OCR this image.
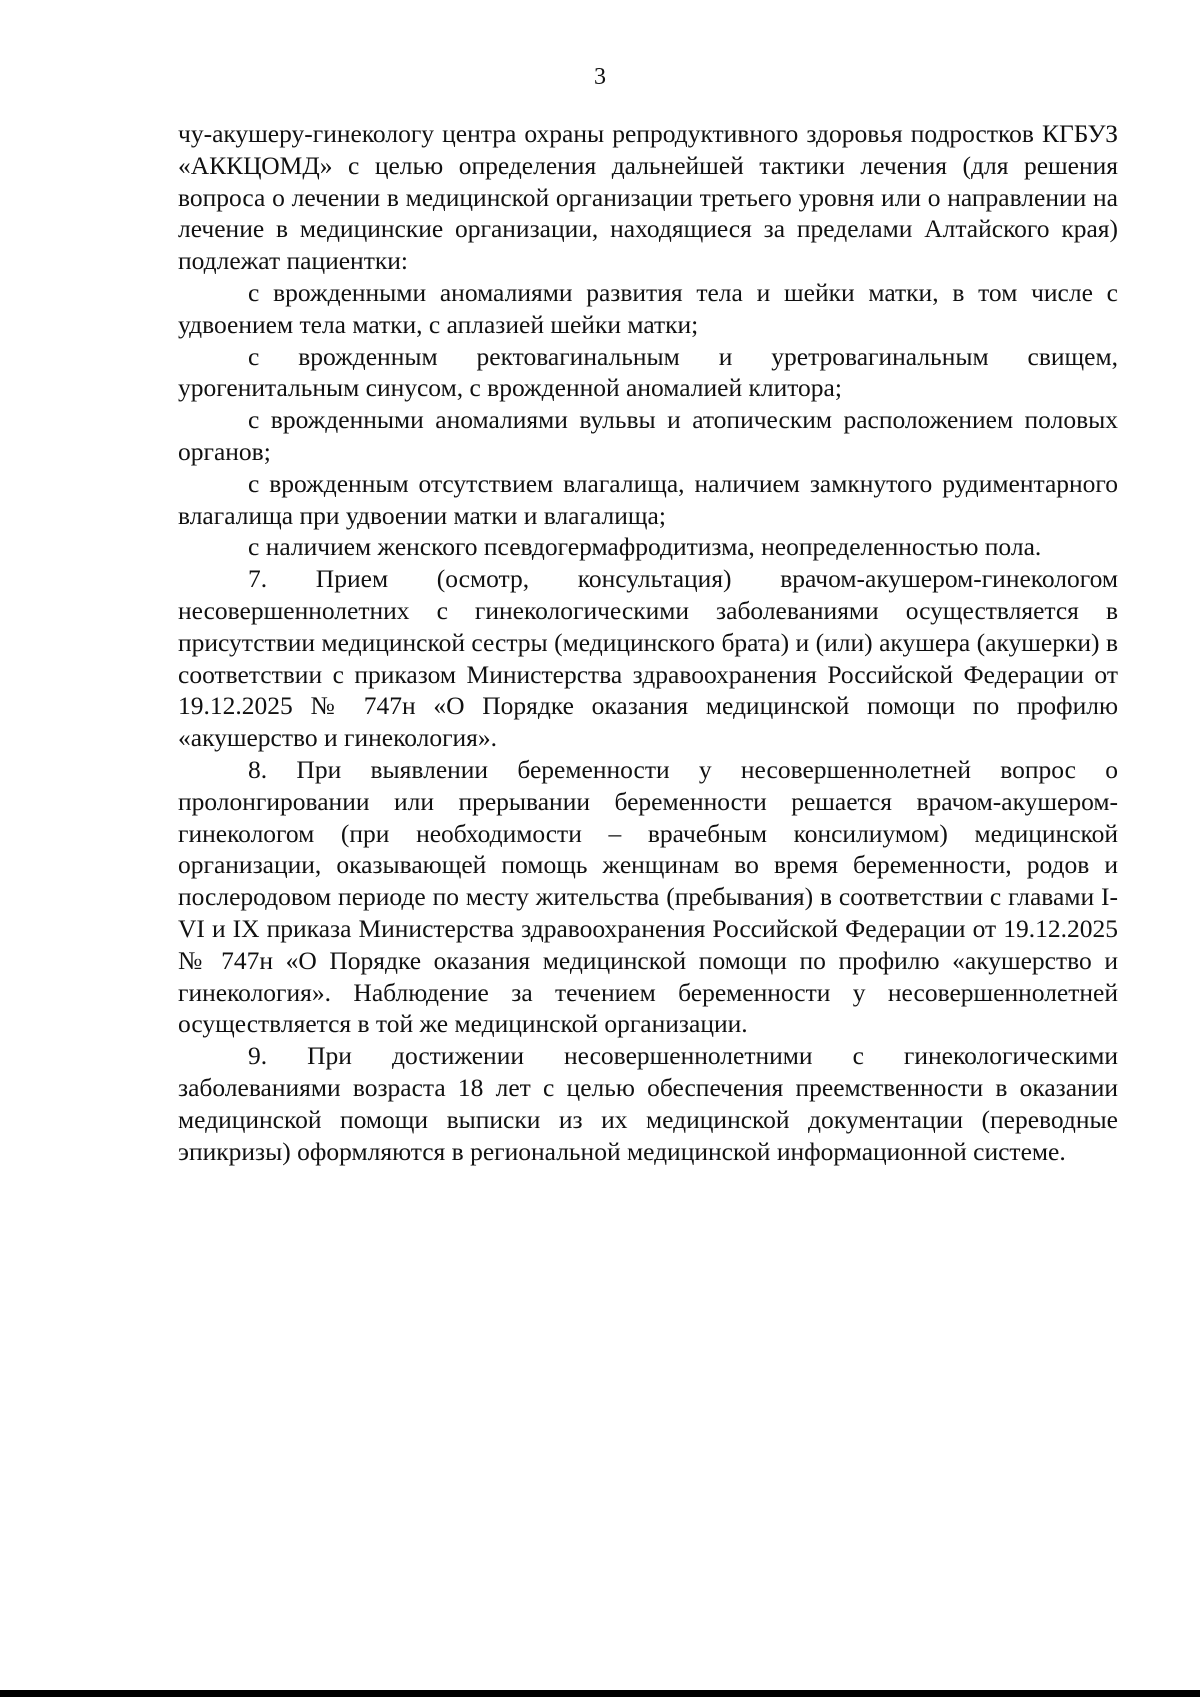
3

чу-акушеру-гинекологу центра охраны репродуктивного здоровья подростков КГБУЗ «АККЦОМД» с целью определения дальнейшей тактики лечения (для решения вопроса о лечении в медицинской организации третьего уровня или о направлении на лечение в медицинские организации, находящиеся за пределами Алтайского края) подлежат пациентки:

с врожденными аномалиями развития тела и шейки матки, в том числе с удвоением тела матки, с аплазией шейки матки;

с врожденным ректовагинальным и уретровагинальным свищем, урогенитальным синусом, с врожденной аномалией клитора;

с врожденными аномалиями вульвы и атопическим расположением половых органов;

с врожденным отсутствием влагалища, наличием замкнутого рудиментарного влагалища при удвоении матки и влагалища;

с наличием женского псевдогермафродитизма, неопределенностью пола.

7. Прием (осмотр, консультация) врачом-акушером-гинекологом несовершеннолетних с гинекологическими заболеваниями осуществляется в присутствии медицинской сестры (медицинского брата) и (или) акушера (акушерки) в соответствии с приказом Министерства здравоохранения Российской Федерации от 19.12.2025 № 747н «О Порядке оказания медицинской помощи по профилю «акушерство и гинекология».

8. При выявлении беременности у несовершеннолетней вопрос о пролонгировании или прерывании беременности решается врачом-акушером-гинекологом (при необходимости – врачебным консилиумом) медицинской организации, оказывающей помощь женщинам во время беременности, родов и послеродовом периоде по месту жительства (пребывания) в соответствии с главами I-VI и IX приказа Министерства здравоохранения Российской Федерации от 19.12.2025 № 747н «О Порядке оказания медицинской помощи по профилю «акушерство и гинекология». Наблюдение за течением беременности у несовершеннолетней осуществляется в той же медицинской организации.

9. При достижении несовершеннолетними с гинекологическими заболеваниями возраста 18 лет с целью обеспечения преемственности в оказании медицинской помощи выписки из их медицинской документации (переводные эпикризы) оформляются в региональной медицинской информационной системе.
